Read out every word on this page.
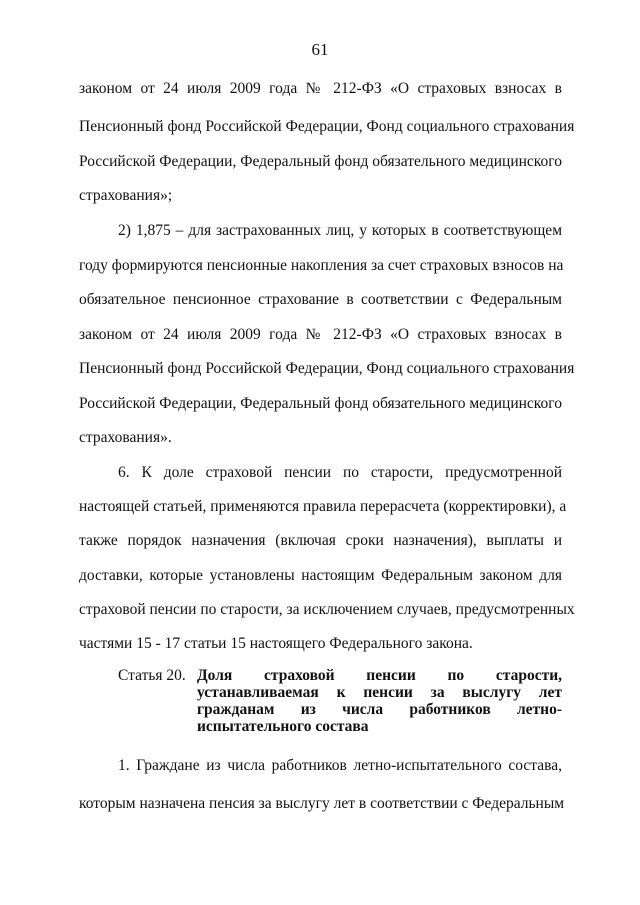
61
законом от 24 июля 2009 года № 212-ФЗ «О страховых взносах в
Пенсионный фонд Российской Федерации, Фонд социального страхования
Российской Федерации, Федеральный фонд обязательного медицинского
страхования»;
2) 1,875 – для застрахованных лиц, у которых в соответствующем
году формируются пенсионные накопления за счет страховых взносов на
обязательное пенсионное страхование в соответствии с Федеральным
законом от 24 июля 2009 года № 212-ФЗ «О страховых взносах в
Пенсионный фонд Российской Федерации, Фонд социального страхования
Российской Федерации, Федеральный фонд обязательного медицинского
страхования».
6. К доле страховой пенсии по старости, предусмотренной
настоящей статьей, применяются правила перерасчета (корректировки), а
также порядок назначения (включая сроки назначения), выплаты и
доставки, которые установлены настоящим Федеральным законом для
страховой пенсии по старости, за исключением случаев, предусмотренных
частями 15 - 17 статьи 15 настоящего Федерального закона.
Статья 20. Доля страховой пенсии по старости,
устанавливаемая к пенсии за выслугу лет
гражданам из числа работников летно-
испытательного состава
1. Граждане из числа работников летно-испытательного состава,
которым назначена пенсия за выслугу лет в соответствии с Федеральным
